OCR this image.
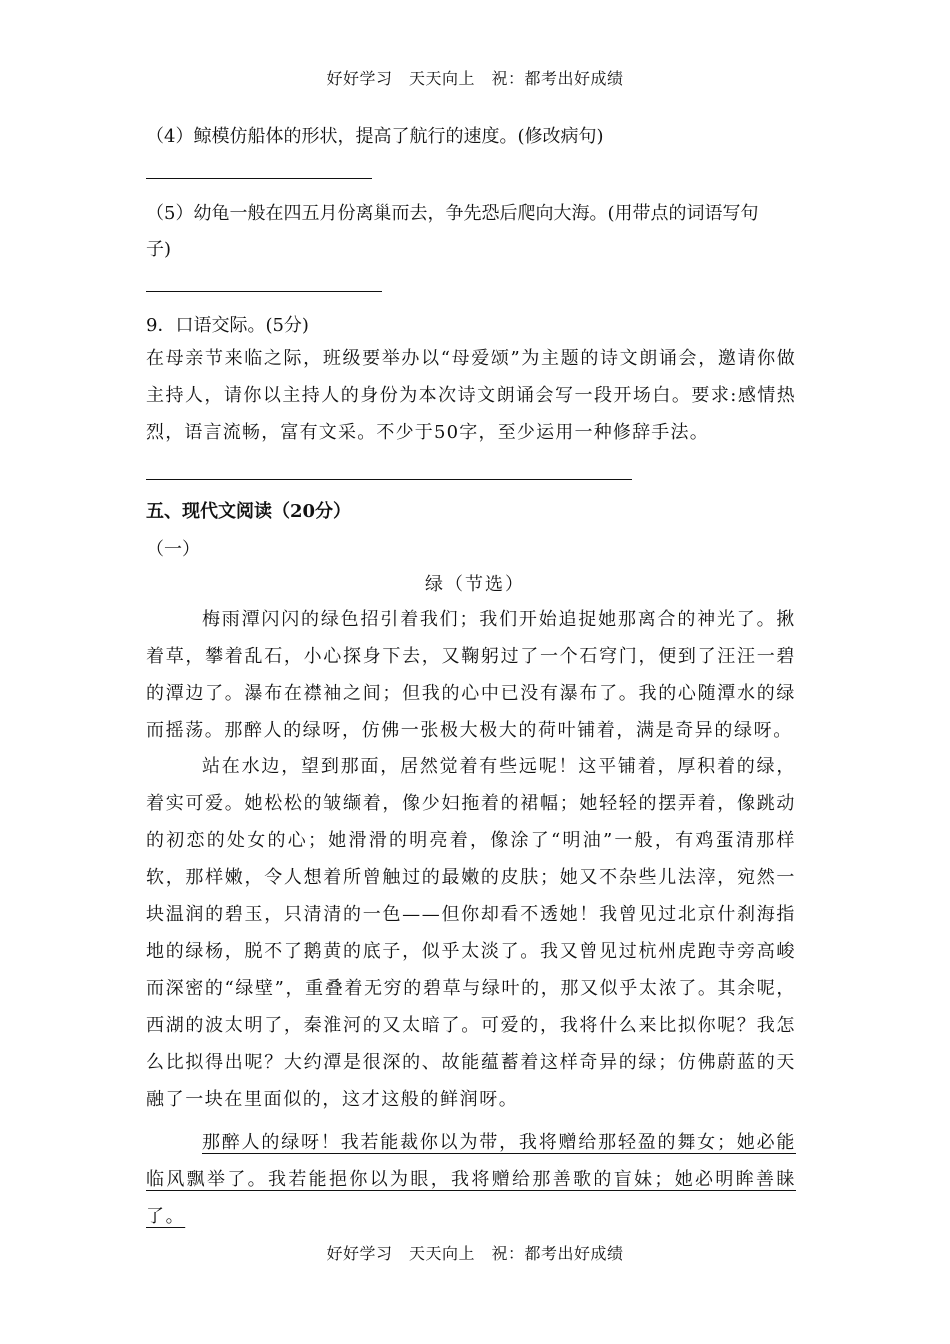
好好学习　天天向上　祝：都考出好成绩
（4）鲸模仿船体的形状，提高了航行的速度。(修改病句)
（5）幼龟一般在四五月份离巢而去，争先恐后爬向大海。(用带点的词语写句
子)
9．口语交际。(5分)
在母亲节来临之际，班级要举办以“母爱颂”为主题的诗文朗诵会，邀请你做主持人，请你以主持人的身份为本次诗文朗诵会写一段开场白。要求:感情热烈，语言流畅，富有文采。不少于50字，至少运用一种修辞手法。
五、现代文阅读（20分）
（一）
绿（节选）
梅雨潭闪闪的绿色招引着我们；我们开始追捉她那离合的神光了。揪着草，攀着乱石，小心探身下去，又鞠躬过了一个石穹门，便到了汪汪一碧的潭边了。瀑布在襟袖之间；但我的心中已没有瀑布了。我的心随潭水的绿而摇荡。那醉人的绿呀，仿佛一张极大极大的荷叶铺着，满是奇异的绿呀。
站在水边，望到那面，居然觉着有些远呢！这平铺着，厚积着的绿，着实可爱。她松松的皱缬着，像少妇拖着的裙幅；她轻轻的摆弄着，像跳动的初恋的处女的心；她滑滑的明亮着，像涂了“明油”一般，有鸡蛋清那样软，那样嫩，令人想着所曾触过的最嫩的皮肤；她又不杂些儿法滓，宛然一块温润的碧玉，只清清的一色——但你却看不透她！我曾见过北京什刹海指地的绿杨，脱不了鹅黄的底子，似乎太淡了。我又曾见过杭州虎跑寺旁高峻而深密的“绿壁”，重叠着无穷的碧草与绿叶的，那又似乎太浓了。其余呢，西湖的波太明了，秦淮河的又太暗了。可爱的，我将什么来比拟你呢？我怎么比拟得出呢？大约潭是很深的、故能蕴蓄着这样奇异的绿；仿佛蔚蓝的天融了一块在里面似的，这才这般的鲜润呀。
那醉人的绿呀！我若能裁你以为带，我将赠给那轻盈的舞女；她必能临风飘举了。我若能挹你以为眼，我将赠给那善歌的盲妹；她必明眸善睐了。
好好学习　天天向上　祝：都考出好成绩
